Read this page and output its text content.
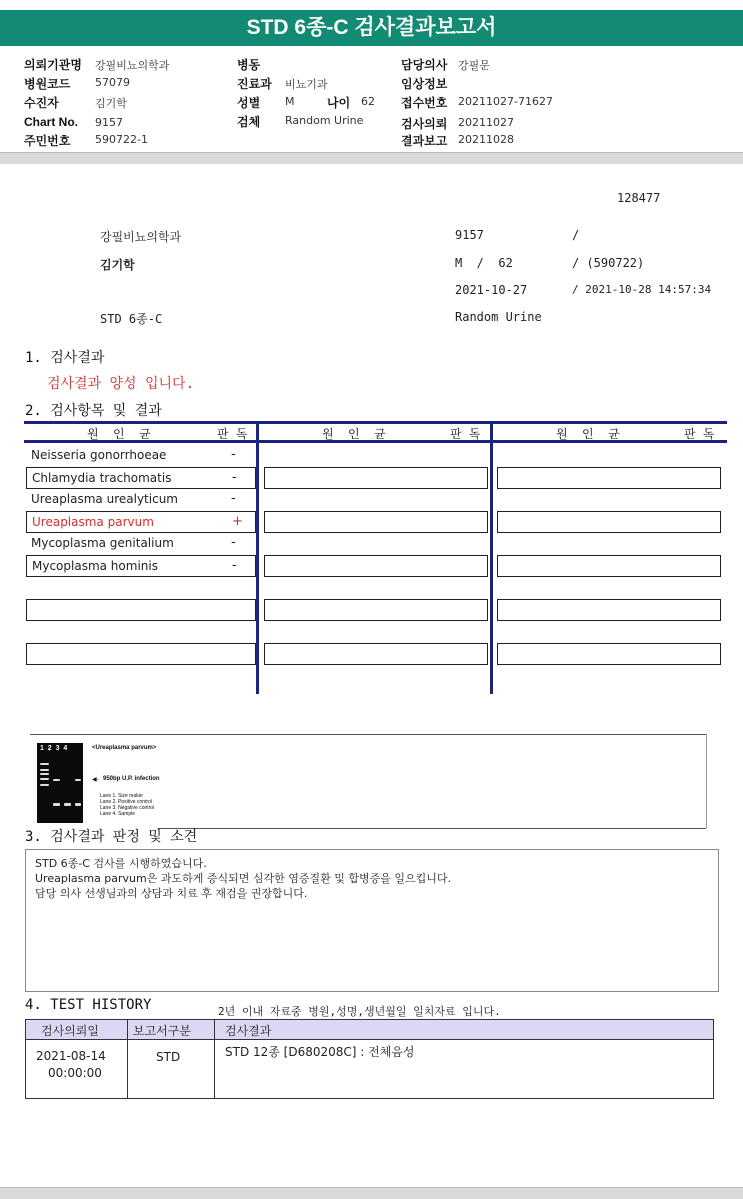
STD 6종-C 검사결과보고서
의뢰기관명 강필비뇨의학과
병원코드 57079
수진자	김기학
Chart No. 9157
주민번호 590722-1
병동
진료과 비뇨기과
성별 M	나이 62
검체 Random Urine
담당의사 강필문
임상정보
접수번호 20211027-71627
검사의뢰 20211027
결과보고 20211028
128477
강필비뇨의학과	9157	/
김기학	M  /  62	/ (590722)
2021-10-27	/ 2021-10-28 14:57:34
STD 6종-C	Random Urine
1. 검사결과
검사결과 양성 입니다.
2. 검사항목 및 결과
원  인  균	판 독	원  인  균	판 독	원  인  균	판 독
Neisseria gonorrhoeae	-
Chlamydia trachomatis	-
Ureaplasma urealyticum	-
Ureaplasma parvum	+
Mycoplasma genitalium	-
Mycoplasma hominis	-
1  2  3  4	<Ureaplasma parvum>
◀- 950bp U.P. infection
Lane 1. Size maker
Lane 2. Positive control
Lane 3. Negative control
Lane 4. Sample
3. 검사결과 판정 및 소견
STD 6종-C 검사를 시행하였습니다.
Ureaplasma parvum은 과도하게 증식되면 심각한 염증질환 및 합병증을 일으킵니다.
담당 의사 선생님과의 상담과 치료 후 재검을 권장합니다.
4. TEST HISTORY	2년 이내 자료중 병원,성명,생년월일 일치자료 입니다.
검사의뢰일	보고서구분	검사결과
2021-08-14
00:00:00
STD	STD 12종 [D680208C] : 전체음성
